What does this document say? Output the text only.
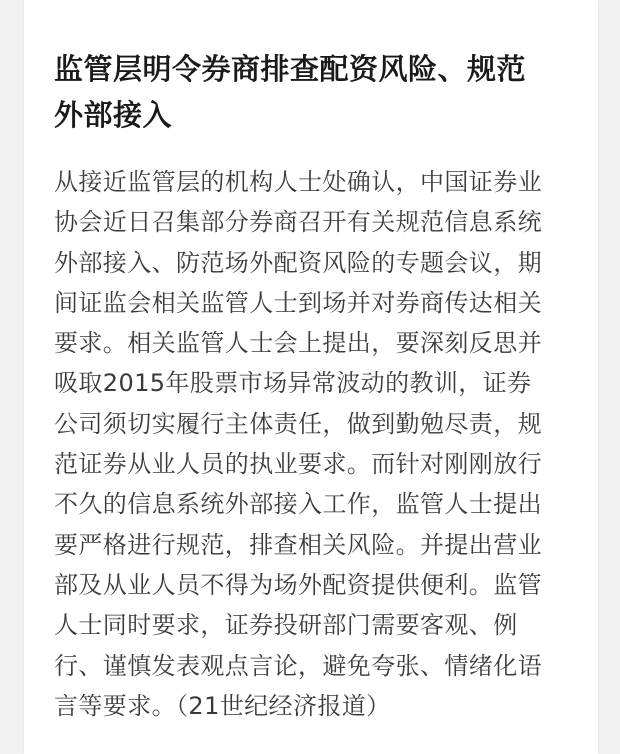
监管层明令券商排查配资风险、规范
外部接入
从接近监管层的机构人士处确认，中国证券业
协会近日召集部分券商召开有关规范信息系统
外部接入、防范场外配资风险的专题会议，期
间证监会相关监管人士到场并对券商传达相关
要求。相关监管人士会上提出，要深刻反思并
吸取2015年股票市场异常波动的教训，证券
公司须切实履行主体责任，做到勤勉尽责，规
范证券从业人员的执业要求。而针对刚刚放行
不久的信息系统外部接入工作，监管人士提出
要严格进行规范，排查相关风险。并提出营业
部及从业人员不得为场外配资提供便利。监管
人士同时要求，证券投研部门需要客观、例
行、谨慎发表观点言论，避免夸张、情绪化语
言等要求。（21世纪经济报道）
